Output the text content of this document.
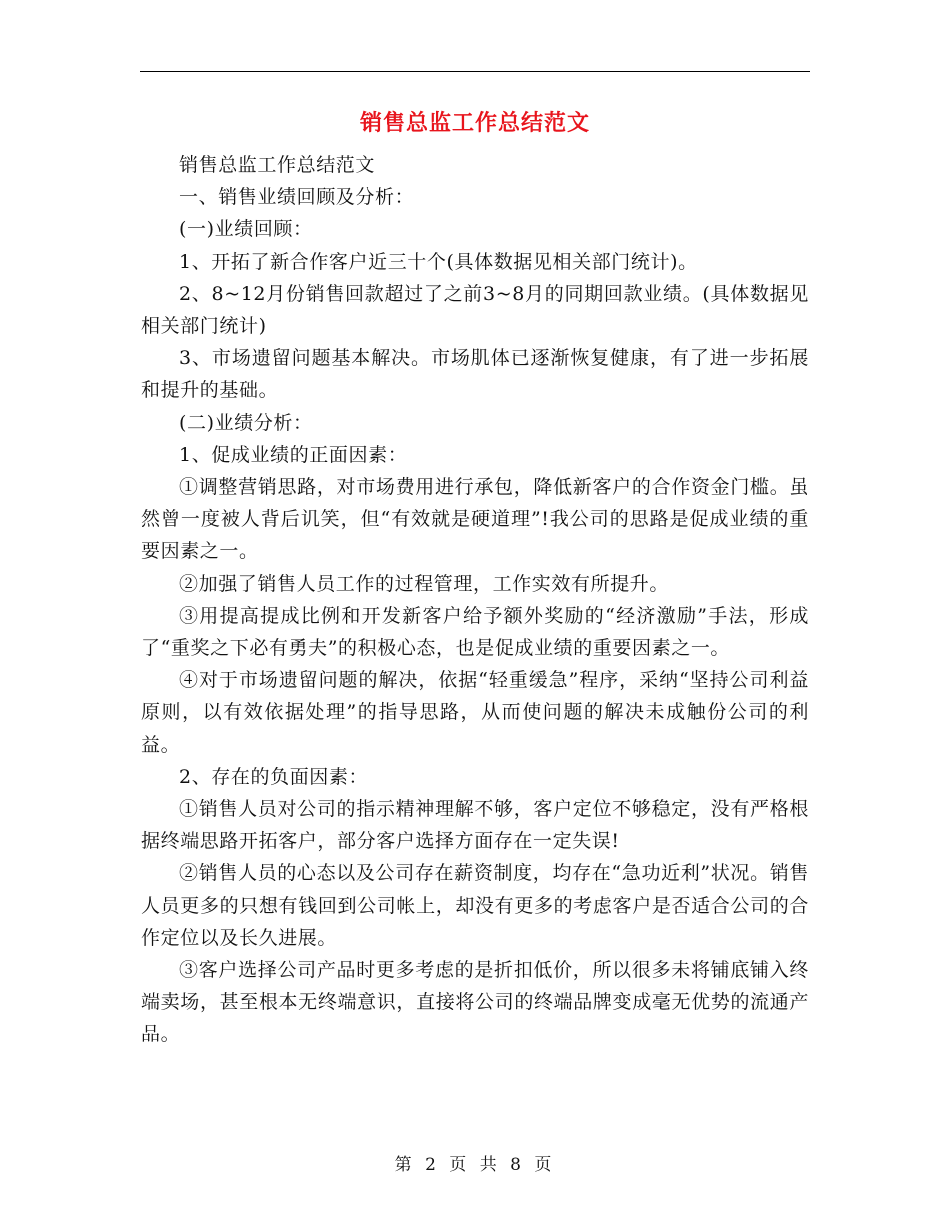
销售总监工作总结范文

销售总监工作总结范文

一、销售业绩回顾及分析：

(一)业绩回顾：

1、开拓了新合作客户近三十个(具体数据见相关部门统计)。

2、8~12月份销售回款超过了之前3~8月的同期回款业绩。(具体数据见相关部门统计)

3、市场遗留问题基本解决。市场肌体已逐渐恢复健康，有了进一步拓展和提升的基础。

(二)业绩分析：

1、促成业绩的正面因素：

①调整营销思路，对市场费用进行承包，降低新客户的合作资金门槛。虽然曾一度被人背后讥笑，但“有效就是硬道理”!我公司的思路是促成业绩的重要因素之一。

②加强了销售人员工作的过程管理，工作实效有所提升。

③用提高提成比例和开发新客户给予额外奖励的“经济激励”手法，形成了“重奖之下必有勇夫”的积极心态，也是促成业绩的重要因素之一。

④对于市场遗留问题的解决，依据“轻重缓急”程序，采纳“坚持公司利益原则，以有效依据处理”的指导思路，从而使问题的解决未成触份公司的利益。

2、存在的负面因素：

①销售人员对公司的指示精神理解不够，客户定位不够稳定，没有严格根据终端思路开拓客户，部分客户选择方面存在一定失误!

②销售人员的心态以及公司存在薪资制度，均存在“急功近利”状况。销售人员更多的只想有钱回到公司帐上，却没有更多的考虑客户是否适合公司的合作定位以及长久进展。

③客户选择公司产品时更多考虑的是折扣低价，所以很多未将铺底铺入终端卖场，甚至根本无终端意识，直接将公司的终端品牌变成毫无优势的流通产品。

第 2 页 共 8 页
